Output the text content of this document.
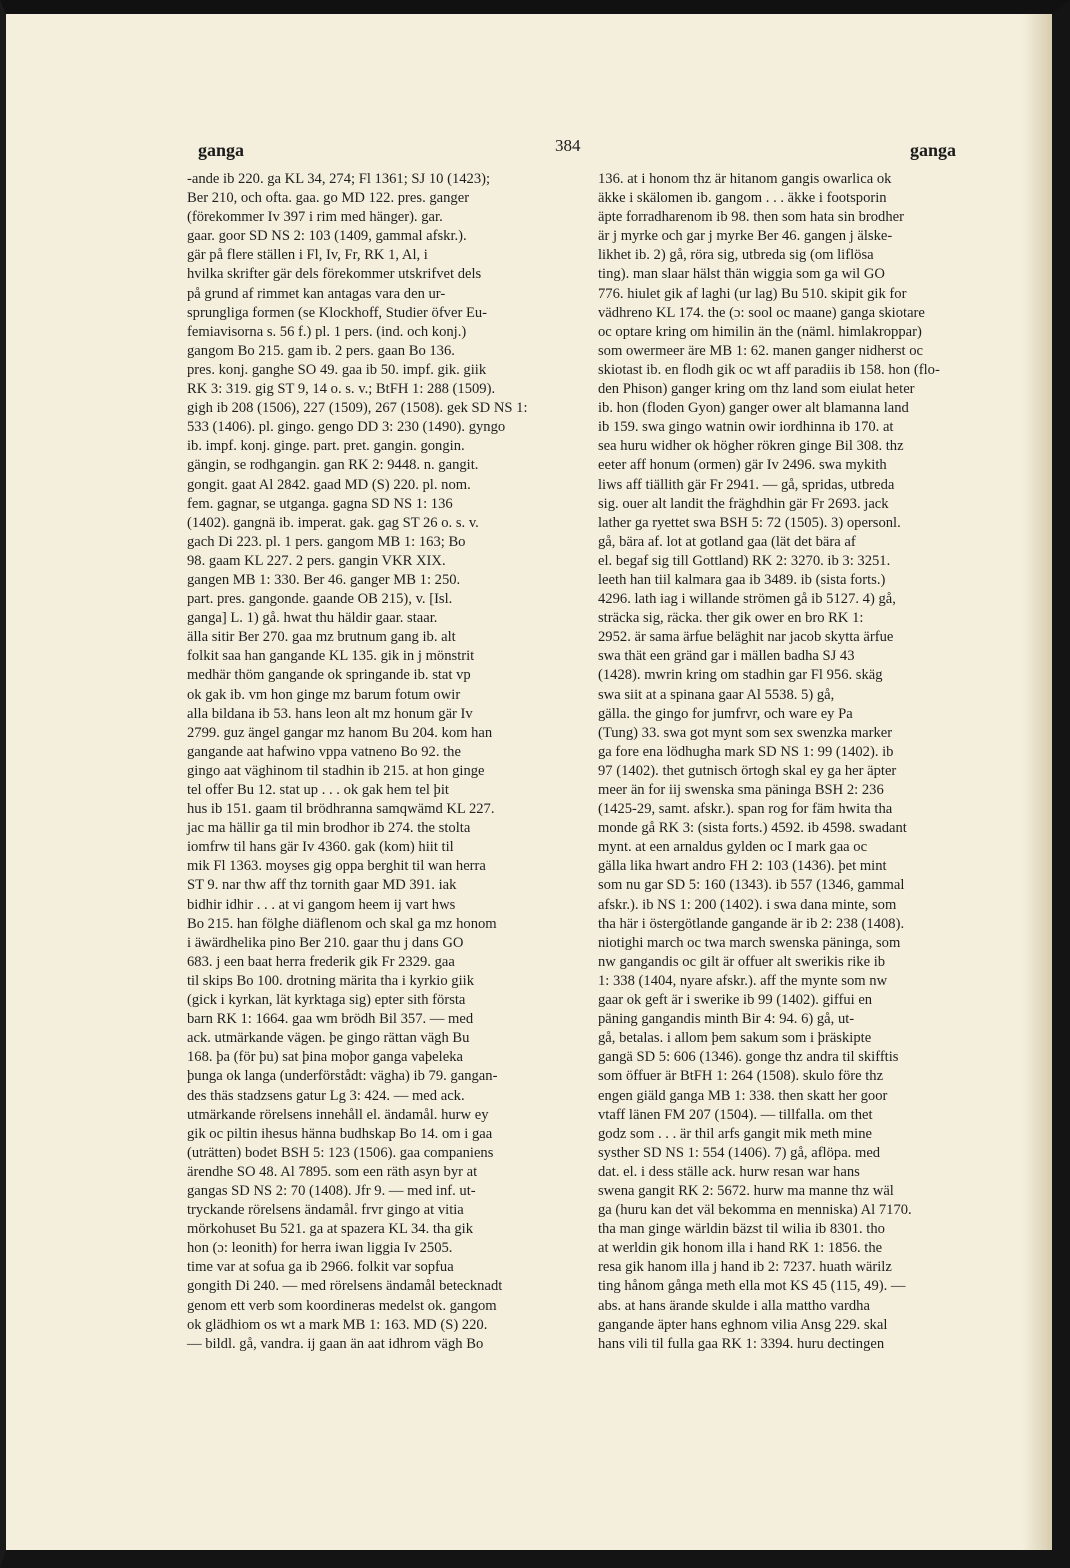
ganga	384	ganga
-ande ib 220. ga KL 34, 274; Fl 1361; SJ 10 (1423);
Ber 210, och ofta. gaa. go MD 122. pres. ganger
(förekommer Iv 397 i rim med hänger). gar.
gaar. goor SD NS 2: 103 (1409, gammal afskr.).
gär på flere ställen i Fl, Iv, Fr, RK 1, Al, i
hvilka skrifter gär dels förekommer utskrifvet dels
på grund af rimmet kan antagas vara den ur-
sprungliga formen (se Klockhoff, Studier öfver Eu-
femiavisorna s. 56 f.) pl. 1 pers. (ind. och konj.)
gangom Bo 215. gam ib. 2 pers. gaan Bo 136.
pres. konj. ganghe SO 49. gaa ib 50. impf. gik. giik
RK 3: 319. gig ST 9, 14 o. s. v.; BtFH 1: 288 (1509).
gigh ib 208 (1506), 227 (1509), 267 (1508). gek SD NS 1:
533 (1406). pl. gingo. gengo DD 3: 230 (1490). gyngo
ib. impf. konj. ginge. part. pret. gangin. gongin.
gängin, se rodhgangin. gan RK 2: 9448. n. gangit.
gongit. gaat Al 2842. gaad MD (S) 220. pl. nom.
fem. gagnar, se utganga. gagna SD NS 1: 136
(1402). gangnä ib. imperat. gak. gag ST 26 o. s. v.
gach Di 223. pl. 1 pers. gangom MB 1: 163; Bo
98. gaam KL 227. 2 pers. gangin VKR XIX.
gangen MB 1: 330. Ber 46. ganger MB 1: 250.
part. pres. gangonde. gaande OB 215), v. [Isl.
ganga] L. 1) gå. hwat thu häldir gaar. staar.
älla sitir Ber 270. gaa mz brutnum gang ib. alt
folkit saa han gangande KL 135. gik in j mönstrit
medhär thöm gangande ok springande ib. stat vp
ok gak ib. vm hon ginge mz barum fotum owir
alla bildana ib 53. hans leon alt mz honum gär Iv
2799. guz ängel gangar mz hanom Bu 204. kom han
gangande aat hafwino vppa vatneno Bo 92. the
gingo aat väghinom til stadhin ib 215. at hon ginge
tel offer Bu 12. stat up . . . ok gak hem tel þit
hus ib 151. gaam til brödhranna samqwämd KL 227.
jac ma hällir ga til min brodhor ib 274. the stolta
iomfrw til hans gär Iv 4360. gak (kom) hiit til
mik Fl 1363. moyses gig oppa berghit til wan herra
ST 9. nar thw aff thz tornith gaar MD 391. iak
bidhir idhir . . . at vi gangom heem ij vart hws
Bo 215. han fölghe diäflenom och skal ga mz honom
i äwärdhelika pino Ber 210. gaar thu j dans GO
683. j een baat herra frederik gik Fr 2329. gaa
til skips Bo 100. drotning märita tha i kyrkio giik
(gick i kyrkan, lät kyrktaga sig) epter sith första
barn RK 1: 1664. gaa wm brödh Bil 357. — med
ack. utmärkande vägen. þe gingo rättan vägh Bu
168. þa (för þu) sat þina moþor ganga vaþeleka
þunga ok langa (underförstådt: vägha) ib 79. gangan-
des thäs stadzsens gatur Lg 3: 424. — med ack.
utmärkande rörelsens innehåll el. ändamål. hurw ey
gik oc piltin ihesus hänna budhskap Bo 14. om i gaa
(uträtten) bodet BSH 5: 123 (1506). gaa companiens
ärendhe SO 48. Al 7895. som een räth asyn byr at
gangas SD NS 2: 70 (1408). Jfr 9. — med inf. ut-
tryckande rörelsens ändamål. frvr gingo at vitia
mörkohuset Bu 521. ga at spazera KL 34. tha gik
hon (ɔ: leonith) for herra iwan liggia Iv 2505.
time var at sofua ga ib 2966. folkit var sopfua
gongith Di 240. — med rörelsens ändamål betecknadt
genom ett verb som koordineras medelst ok. gangom
ok glädhiom os wt a mark MB 1: 163. MD (S) 220.
— bildl. gå, vandra. ij gaan än aat idhrom vägh Bo
136. at i honom thz är hitanom gangis owarlica ok
äkke i skälomen ib. gangom . . . äkke i footsporin
äpte forradharenom ib 98. then som hata sin brodher
är j myrke och gar j myrke Ber 46. gangen j älske-
likhet ib. 2) gå, röra sig, utbreda sig (om liflösa
ting). man slaar hälst thän wiggia som ga wil GO
776. hiulet gik af laghi (ur lag) Bu 510. skipit gik for
vädhreno KL 174. the (ɔ: sool oc maane) ganga skiotare
oc optare kring om himilin än the (näml. himlakroppar)
som owermeer äre MB 1: 62. manen ganger nidherst oc
skiotast ib. en flodh gik oc wt aff paradiis ib 158. hon (flo-
den Phison) ganger kring om thz land som eiulat heter
ib. hon (floden Gyon) ganger ower alt blamanna land
ib 159. swa gingo watnin owir iordhinna ib 170. at
sea huru widher ok högher rökren ginge Bil 308. thz
eeter aff honum (ormen) gär Iv 2496. swa mykith
liws aff tiällith gär Fr 2941. — gå, spridas, utbreda
sig. ouer alt landit the fräghdhin gär Fr 2693. jack
lather ga ryettet swa BSH 5: 72 (1505). 3) opersonl.
gå, bära af. lot at gotland gaa (lät det bära af
el. begaf sig till Gottland) RK 2: 3270. ib 3: 3251.
leeth han tiil kalmara gaa ib 3489. ib (sista forts.)
4296. lath iag i willande strömen gå ib 5127. 4) gå,
sträcka sig, räcka. ther gik ower en bro RK 1:
2952. är sama ärfue beläghit nar jacob skytta ärfue
swa thät een gränd gar i mällen badha SJ 43
(1428). mwrin kring om stadhin gar Fl 956. skäg
swa siit at a spinana gaar Al 5538. 5) gå,
gälla. the gingo for jumfrvr, och ware ey Pa
(Tung) 33. swa got mynt som sex swenzka marker
ga fore ena lödhugha mark SD NS 1: 99 (1402). ib
97 (1402). thet gutnisch örtogh skal ey ga her äpter
meer än for iij swenska sma päninga BSH 2: 236
(1425-29, samt. afskr.). span rog for fäm hwita tha
monde gå RK 3: (sista forts.) 4592. ib 4598. swadant
mynt. at een arnaldus gylden oc I mark gaa oc
gälla lika hwart andro FH 2: 103 (1436). þet mint
som nu gar SD 5: 160 (1343). ib 557 (1346, gammal
afskr.). ib NS 1: 200 (1402). i swa dana minte, som
tha här i östergötlande gangande är ib 2: 238 (1408).
niotighi march oc twa march swenska päninga, som
nw gangandis oc gilt är offuer alt swerikis rike ib
1: 338 (1404, nyare afskr.). aff the mynte som nw
gaar ok geft är i swerike ib 99 (1402). giffui en
päning gangandis minth Bir 4: 94. 6) gå, ut-
gå, betalas. i allom þem sakum som i þräskipte
gangä SD 5: 606 (1346). gonge thz andra til skifftis
som öffuer är BtFH 1: 264 (1508). skulo före thz
engen giäld ganga MB 1: 338. then skatt her goor
vtaff länen FM 207 (1504). — tillfalla. om thet
godz som . . . är thil arfs gangit mik meth mine
systher SD NS 1: 554 (1406). 7) gå, aflöpa. med
dat. el. i dess ställe ack. hurw resan war hans
swena gangit RK 2: 5672. hurw ma manne thz wäl
ga (huru kan det väl bekomma en menniska) Al 7170.
tha man ginge wärldin bäzst til wilia ib 8301. tho
at werldin gik honom illa i hand RK 1: 1856. the
resa gik hanom illa j hand ib 2: 7237. huath wärilz
ting hånom gånga meth ella mot KS 45 (115, 49). —
abs. at hans ärande skulde i alla mattho vardha
gangande äpter hans eghnom vilia Ansg 229. skal
hans vili til fulla gaa RK 1: 3394. huru dectingen
